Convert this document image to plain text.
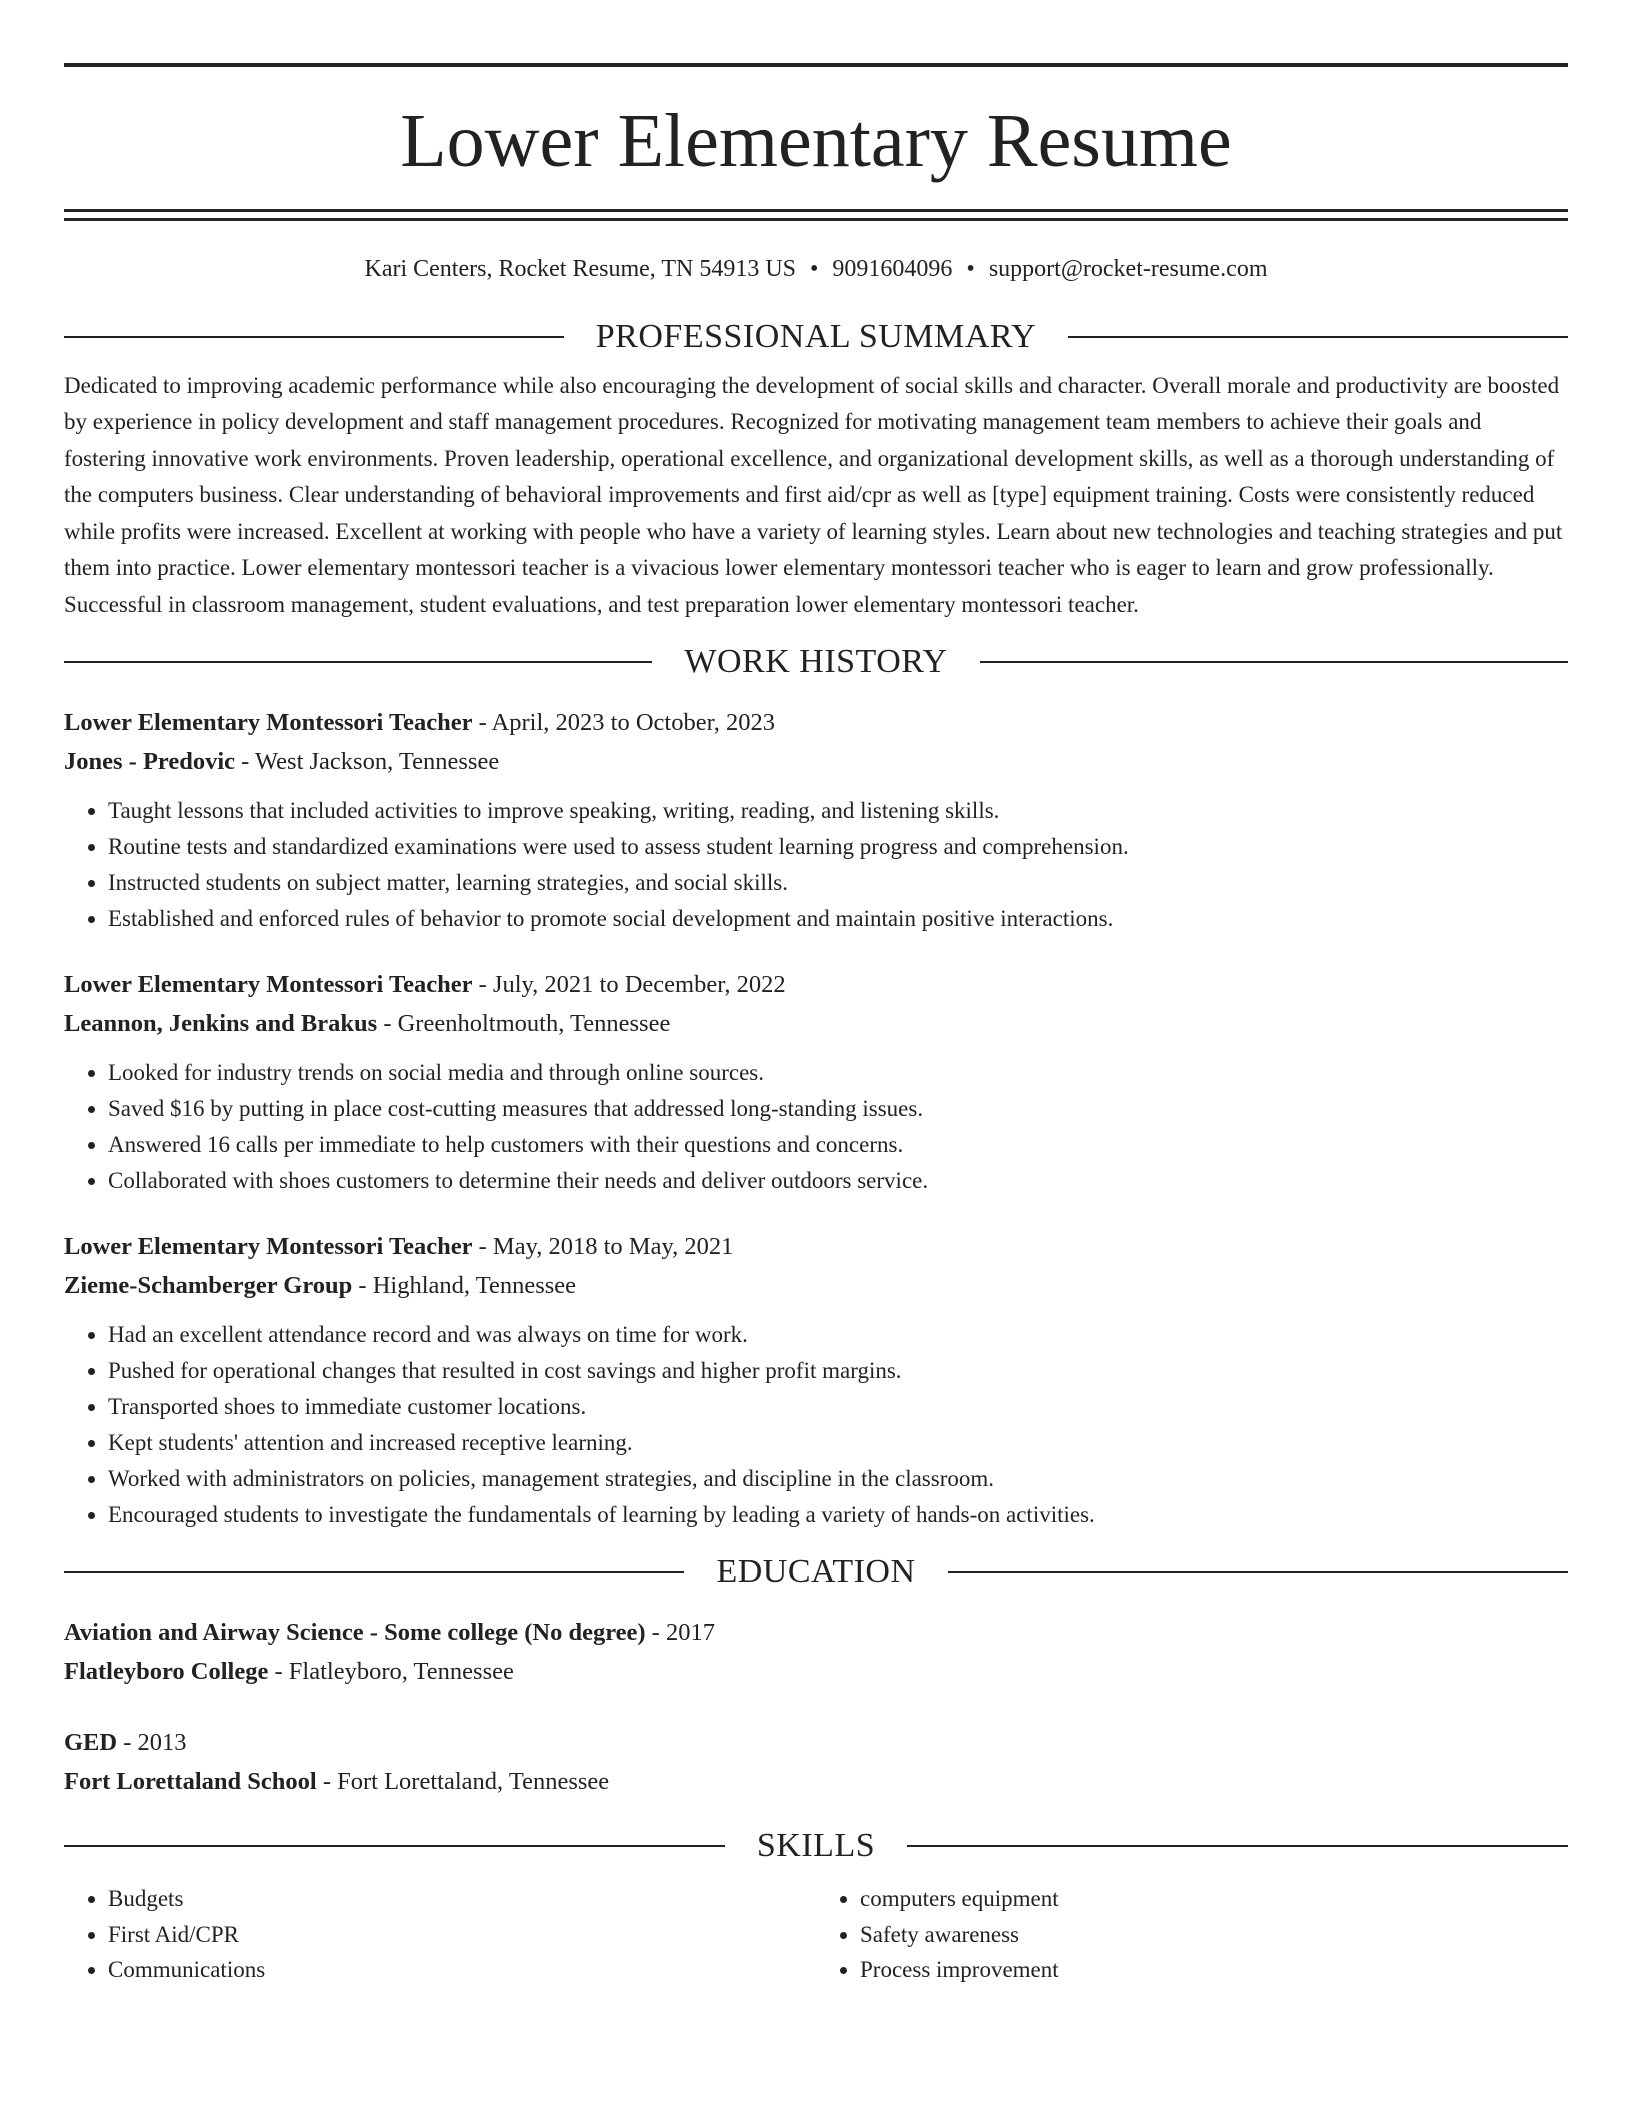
Lower Elementary Resume
Kari Centers, Rocket Resume, TN 54913 US • 9091604096 • support@rocket-resume.com
PROFESSIONAL SUMMARY

Dedicated to improving academic performance while also encouraging the development of social skills and character. Overall morale and productivity are boosted by experience in policy development and staff management procedures. Recognized for motivating management team members to achieve their goals and fostering innovative work environments. Proven leadership, operational excellence, and organizational development skills, as well as a thorough understanding of the computers business. Clear understanding of behavioral improvements and first aid/cpr as well as [type] equipment training. Costs were consistently reduced while profits were increased. Excellent at working with people who have a variety of learning styles. Learn about new technologies and teaching strategies and put them into practice. Lower elementary montessori teacher is a vivacious lower elementary montessori teacher who is eager to learn and grow professionally. Successful in classroom management, student evaluations, and test preparation lower elementary montessori teacher.

WORK HISTORY

Lower Elementary Montessori Teacher - April, 2023 to October, 2023

Jones - Predovic - West Jackson, Tennessee

• Taught lessons that included activities to improve speaking, writing, reading, and listening skills.
• Routine tests and standardized examinations were used to assess student learning progress and comprehension.
• Instructed students on subject matter, learning strategies, and social skills.
• Established and enforced rules of behavior to promote social development and maintain positive interactions.

Lower Elementary Montessori Teacher - July, 2021 to December, 2022

Leannon, Jenkins and Brakus - Greenholtmouth, Tennessee

• Looked for industry trends on social media and through online sources.
• Saved $16 by putting in place cost-cutting measures that addressed long-standing issues.
• Answered 16 calls per immediate to help customers with their questions and concerns.
• Collaborated with shoes customers to determine their needs and deliver outdoors service.

Lower Elementary Montessori Teacher - May, 2018 to May, 2021

Zieme-Schamberger Group - Highland, Tennessee

• Had an excellent attendance record and was always on time for work.
• Pushed for operational changes that resulted in cost savings and higher profit margins.
• Transported shoes to immediate customer locations.
• Kept students' attention and increased receptive learning.
• Worked with administrators on policies, management strategies, and discipline in the classroom.
• Encouraged students to investigate the fundamentals of learning by leading a variety of hands-on activities.
EDUCATION

Aviation and Airway Science - Some college (No degree) - 2017

Flatleyboro College - Flatleyboro, Tennessee

GED - 2013

Fort Lorettaland School - Fort Lorettaland, Tennessee

SKILLS
• Budgets
• First Aid/CPR
• Communications
• computers equipment
• Safety awareness
• Process improvement
